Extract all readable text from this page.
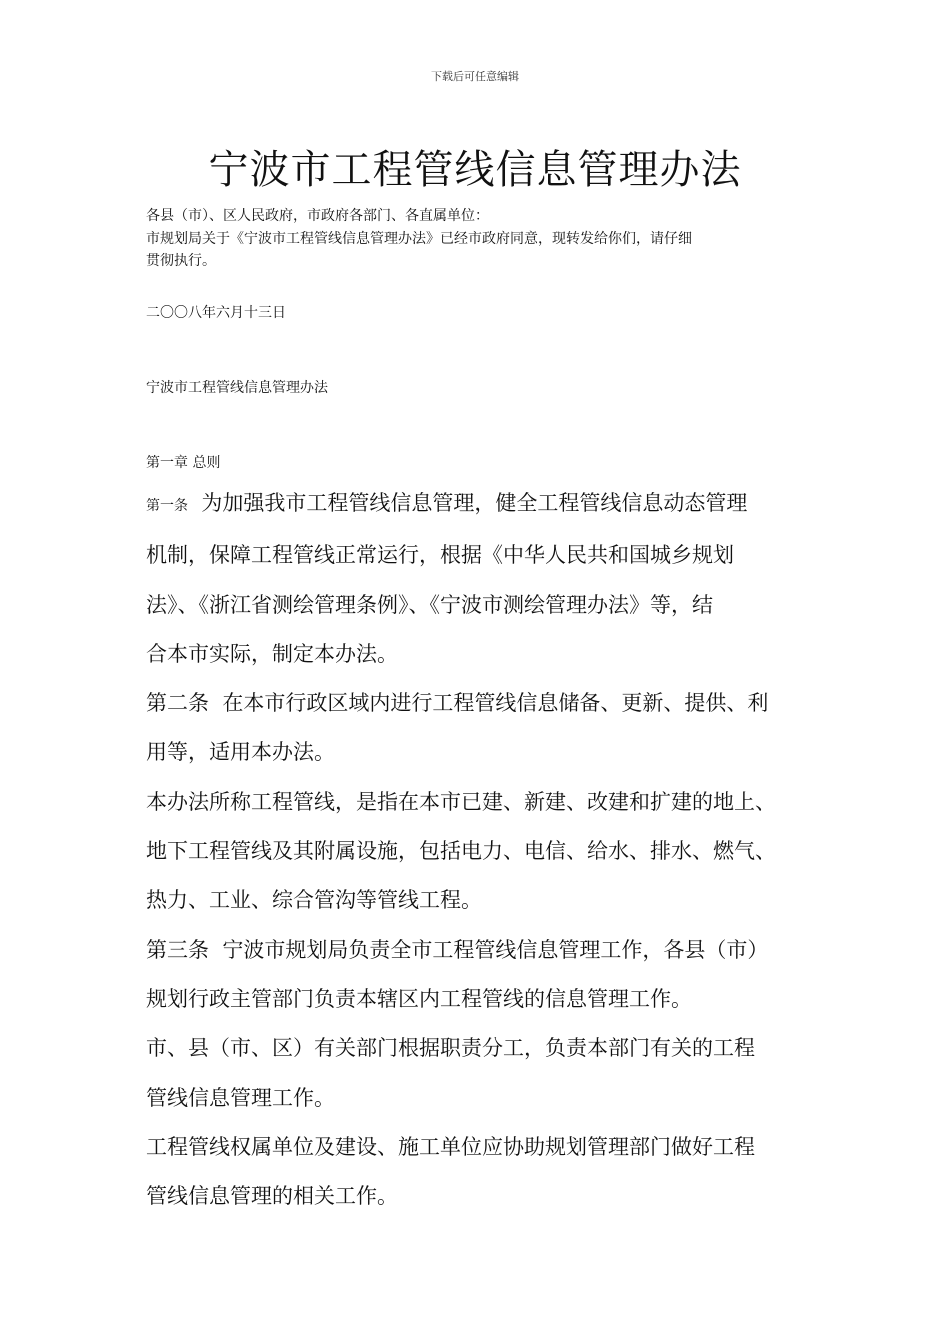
下载后可任意编辑
宁波市工程管线信息管理办法
各县（市）、区人民政府，市政府各部门、各直属单位：
市规划局关于《宁波市工程管线信息管理办法》已经市政府同意，现转发给你们，请仔细
贯彻执行。
二〇〇八年六月十三日
宁波市工程管线信息管理办法
第一章 总则

第一条  为加强我市工程管线信息管理，健全工程管线信息动态管理

机制，保障工程管线正常运行，根据《中华人民共和国城乡规划

法》、《浙江省测绘管理条例》、《宁波市测绘管理办法》等，结

合本市实际，制定本办法。

第二条  在本市行政区域内进行工程管线信息储备、更新、提供、利

用等，适用本办法。

本办法所称工程管线，是指在本市已建、新建、改建和扩建的地上、

地下工程管线及其附属设施，包括电力、电信、给水、排水、燃气、

热力、工业、综合管沟等管线工程。

第三条  宁波市规划局负责全市工程管线信息管理工作，各县（市）

规划行政主管部门负责本辖区内工程管线的信息管理工作。

市、县（市、区）有关部门根据职责分工，负责本部门有关的工程

管线信息管理工作。

工程管线权属单位及建设、施工单位应协助规划管理部门做好工程

管线信息管理的相关工作。
